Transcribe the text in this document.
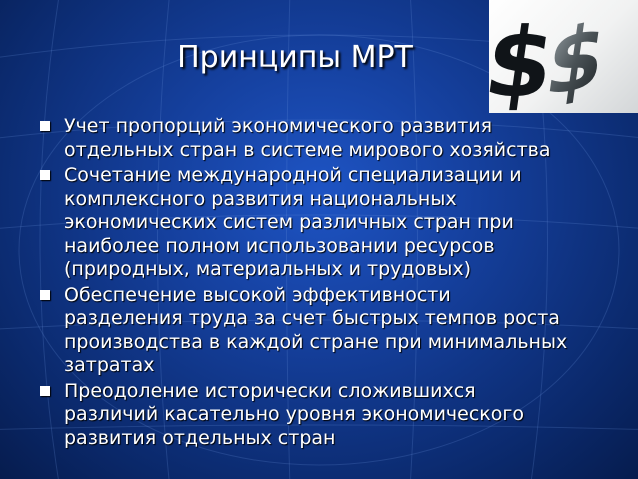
Принципы МРТ $
$
Учет пропорций экономического развития
отдельных стран в системе мирового хозяйства
Сочетание международной специализации и
комплексного развития национальных
экономических систем различных стран при
наиболее полном использовании ресурсов
(природных, материальных и трудовых)
Обеспечение высокой эффективности
разделения труда за счет быстрых темпов роста
производства в каждой стране при минимальных
затратах
Преодоление исторически сложившихся
различий касательно уровня экономического
развития отдельных стран
